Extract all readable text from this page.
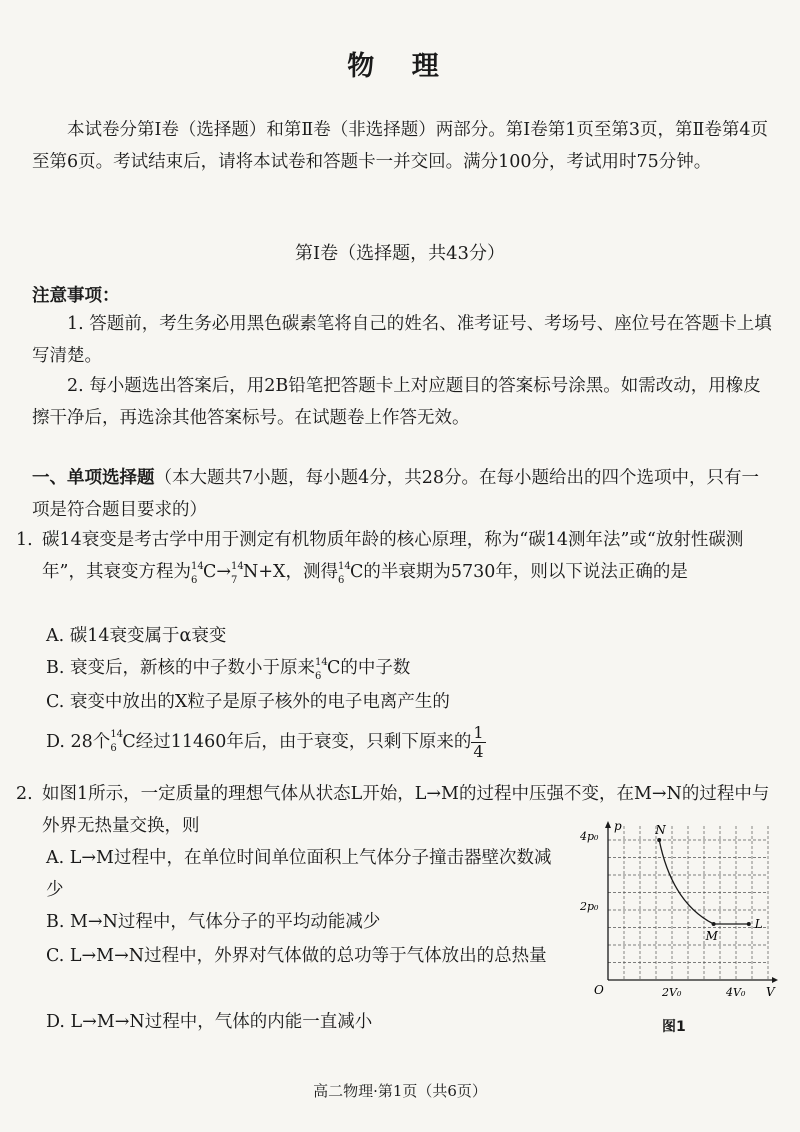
物 理

本试卷分第Ⅰ卷（选择题）和第Ⅱ卷（非选择题）两部分。第Ⅰ卷第1页至第3页，第Ⅱ卷第4页至第6页。考试结束后，请将本试卷和答题卡一并交回。满分100分，考试用时75分钟。

第Ⅰ卷（选择题，共43分）

注意事项：

1. 答题前，考生务必用黑色碳素笔将自己的姓名、准考证号、考场号、座位号在答题卡上填写清楚。

2. 每小题选出答案后，用2B铅笔把答题卡上对应题目的答案标号涂黑。如需改动，用橡皮擦干净后，再选涂其他答案标号。在试题卷上作答无效。

一、单项选择题（本大题共7小题，每小题4分，共28分。在每小题给出的四个选项中，只有一项是符合题目要求的）

1. 碳14衰变是考古学中用于测定有机物质年龄的核心原理，称为“碳14测年法”或“放射性碳测年”，其衰变方程为 14
6 C→ 14
7 N+X，测得 14
6 C的半衰期为5730年，则以下说法正确的是
A. 碳14衰变属于α衰变
B. 衰变后，新核的中子数小于原来 14
6 C的中子数
C. 衰变中放出的X粒子是原子核外的电子电离产生的
D. 28个 14
6 C经过11460年后，由于衰变，只剩下原来的 $\frac{1}{4}$
2. 如图1所示，一定质量的理想气体从状态L开始，L→M的过程中压强不变，在M→N的过程中与外界无热量交换，则
A. L→M过程中，在单位时间单位面积上气体分子撞击器壁次数减少
B. M→N过程中，气体分子的平均动能减少
C. L→M→N过程中，外界对气体做的总功等于气体放出的总热量
D. L→M→N过程中，气体的内能一直减小
N
M
L
p
V
O
4p₀
2p₀
2V₀	4V₀
图1
高二物理·第1页（共6页）
